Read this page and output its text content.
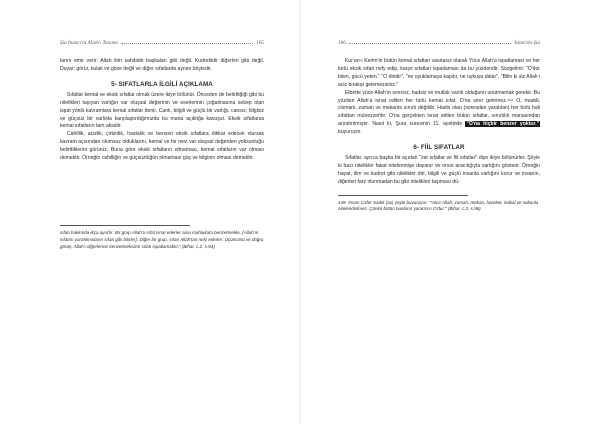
Şia İnancı'nı Allah'ı Tanıma	165

larını emir verir: Allah ilim sahibidir başkaları gibi değil. Kudretlidir diğerleri gibi değil. Duyar; görür, kulak ve göze değil ve diğer sıfatlarda aynen böyledir.

5- SIFATLARLA İLGİLİ AÇIKLAMA

Sıfatlar kemal ve eksik sıfatlar olmak üzere ikiye bölünür. Önceden de belirttiğiği gibi bu nitelikleri taşıyan varlığın var oluşsal değerinin ve eserlerinin çoğalmasına sebep olan ispat yönlü kavramlara kemal sıfatlar denir. Canlı, bilgili ve güçlü bir varlığı, cansız, bilgisiz ve güçsüz bir varlıkla karşılaştırdığımızda bu mana açıklığa kavuşur. Eksik sıfatlarsa kemal sıfatların tam aksidir.

Cahillik, acizlik, çirkinlik, hastalık ve benzeri eksik sıfatlara dikkat edecek olursak kavram açısından olumsuz olduklarını, kemal ve bir nevi var oluşsal değerden yoksunluğu belirttiklerini görürüz. Buna göre eksik sıfatların olmaması, kemal sıfatların var olması demektir. Örneğin cahilliğin ve güçsüzlüğün olmaması güç ve bilginin olması demektir.

sıfatı hakkında ikça ayırdır. Bir grup Allah'a sıfat isnat ederler ama mahlukata benzetmekle, (Allah'ın sıfatını yaratılmışların sıfatı gibi bilirler). Diğer bir grup, sıfatı Allah'tan nefy ederler. Üçüncüsü ve doğru görüş: Allah'ı diğerlerine benzetmeksizin sıfatı ispatlamaktır." (Bihar, c.2, s.94)

166	İslam'da Şia

Kur'an-ı Kerim'in bütün kemal sıfatları vasıtasız olarak Yüce Allah'a ispatlaması ve her türlü eksik sıfatı nefy edip, karşıt sıfatları ispatlaması da bu yüzdendir. Sözgelimi: "O'dur bilen, gücü yeten." "O diridir", "ne uyuklamaya kapılır, ne uykuya dalar", "Bilin ki siz Allah'ı aciz bırakıp gelemezsiniz."

Elbette yüce Allah'ın sınırsız, hadsiz ve mutlak varlık olduğunu unutmamak gerekir. Bu yüzden Allah'a isnat edilen her türlü kemal sıfat, O'na sınır getirmez.¹⁴⁹ O, maddi, cismani, zaman ve mekanla sınırlı değildir. Hadis olan (sonradan yaratılan) her türlü hali sıfattan münezzehtir. O'na gerçekten isnat edilen bütün sıfatlar, sınırlılık manasından arındırılmıştır. Nasıl ki, Şura suresinin 11. ayetinde "O'na hiçbir benzer yoktur." buyuruyor.

6- FİİL SIFATLAR

Sıfatlar, ayrıca başka bir açıdan "zat sıfatlar ve fiil sıfatlar" diye ikiye bölünürler. Şöyle ki bazı nitelikler fakat nitelenmişe dayanır ve onun aracılığıyla varlığını gösterir. Örneğin hayat, ilim ve kudret gibi nitelikler diri, bilgili ve güçlü insanla varlığını korur ve insanın, diğerleri farz olunmadan bu gibi nitelikleri taşıması dü-

149- İmam Cafer Sadık (as) şöyle buyuruyor: "Yüce Allah, zaman, mekan, hareket, intikal ve sükunla nitelendirilmez. Çünkü bütün bunların yaratıcısı O'dur." (Bihar, c.2, s.96)
